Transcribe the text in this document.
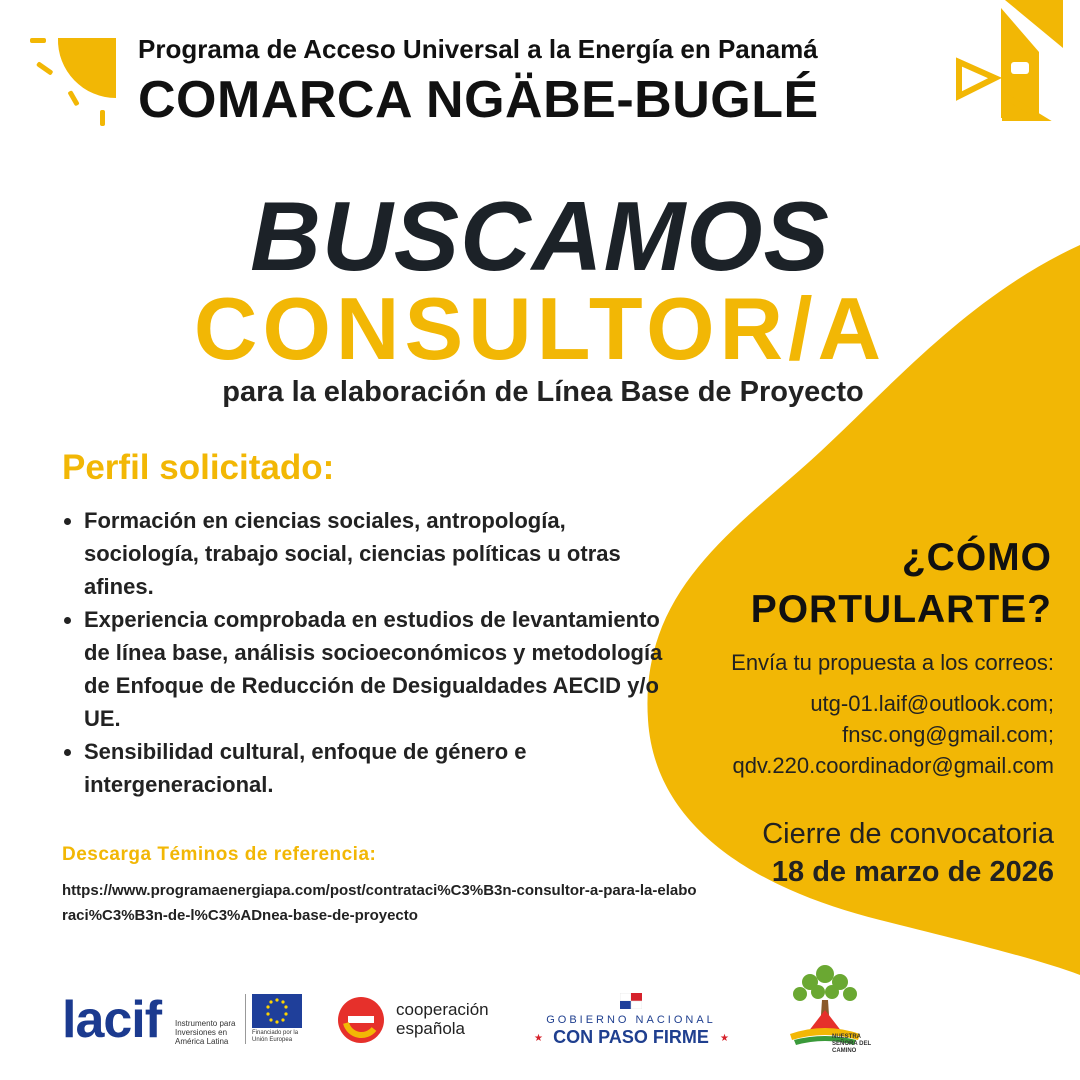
Programa de Acceso Universal a la Energía en Panamá
COMARCA NGÄBE-BUGLÉ
BUSCAMOS
CONSULTOR/A
para la elaboración de Línea Base de Proyecto
Perfil solicitado:
• Formación en ciencias sociales, antropología, sociología, trabajo social, ciencias políticas u otras afines.
• Experiencia comprobada en estudios de levantamiento de línea base, análisis socioeconómicos y metodología de Enfoque de Reducción de Desigualdades AECID y/o UE.
• Sensibilidad cultural, enfoque de género e intergeneracional.
¿CÓMO
PORTULARTE?
Envía tu propuesta a los correos:
utg-01.laif@outlook.com;
fnsc.ong@gmail.com;
qdv.220.coordinador@gmail.com
Cierre de convocatoria
18 de marzo de 2026
Descarga Téminos de referencia:
https://www.programaenergiapa.com/post/contrataci%C3%B3n-consultor-a-para-la-elaboraci%C3%B3n-de-l%C3%ADnea-base-de-proyecto
lacif Instrumento para Inversiones en América Latina
Financiado por la Unión Europea
cooperación española	GOBIERNO NACIONAL
CON PASO FIRME
★	★	NUESTRA SEÑORA DEL CAMINO
